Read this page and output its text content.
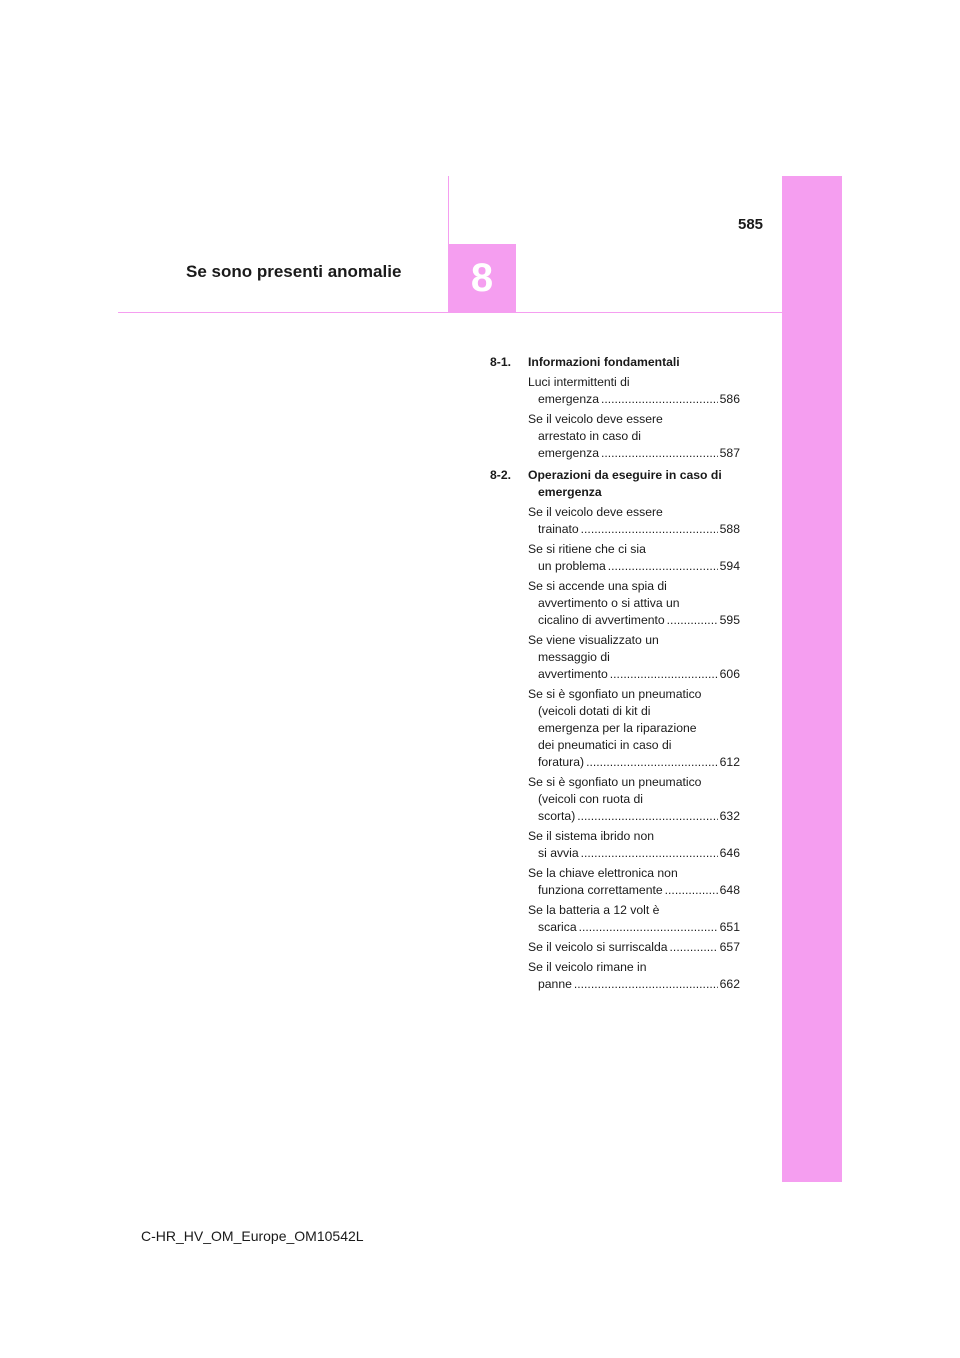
585
Se sono presenti anomalie 8
8-1.	Informazioni fondamentali
Luci intermittenti di
emergenza .....	586
Se il veicolo deve essere
arrestato in caso di
emergenza .....	587
8-2.	Operazioni da eseguire in caso di emergenza
Se il veicolo deve essere
trainato .....	588
Se si ritiene che ci sia
un problema .....	594
Se si accende una spia di
avvertimento o si attiva un
cicalino di avvertimento .....	595
Se viene visualizzato un
messaggio di
avvertimento .....	606
Se si è sgonfiato un pneumatico
(veicoli dotati di kit di
emergenza per la riparazione
dei pneumatici in caso di
foratura) .....	612
Se si è sgonfiato un pneumatico
(veicoli con ruota di
scorta) .....	632
Se il sistema ibrido non
si avvia .....	646
Se la chiave elettronica non
funziona correttamente .....	648
Se la batteria a 12 volt è
scarica .....	651
Se il veicolo si surriscalda .....	657
Se il veicolo rimane in
panne .....	662
C-HR_HV_OM_Europe_OM10542L
